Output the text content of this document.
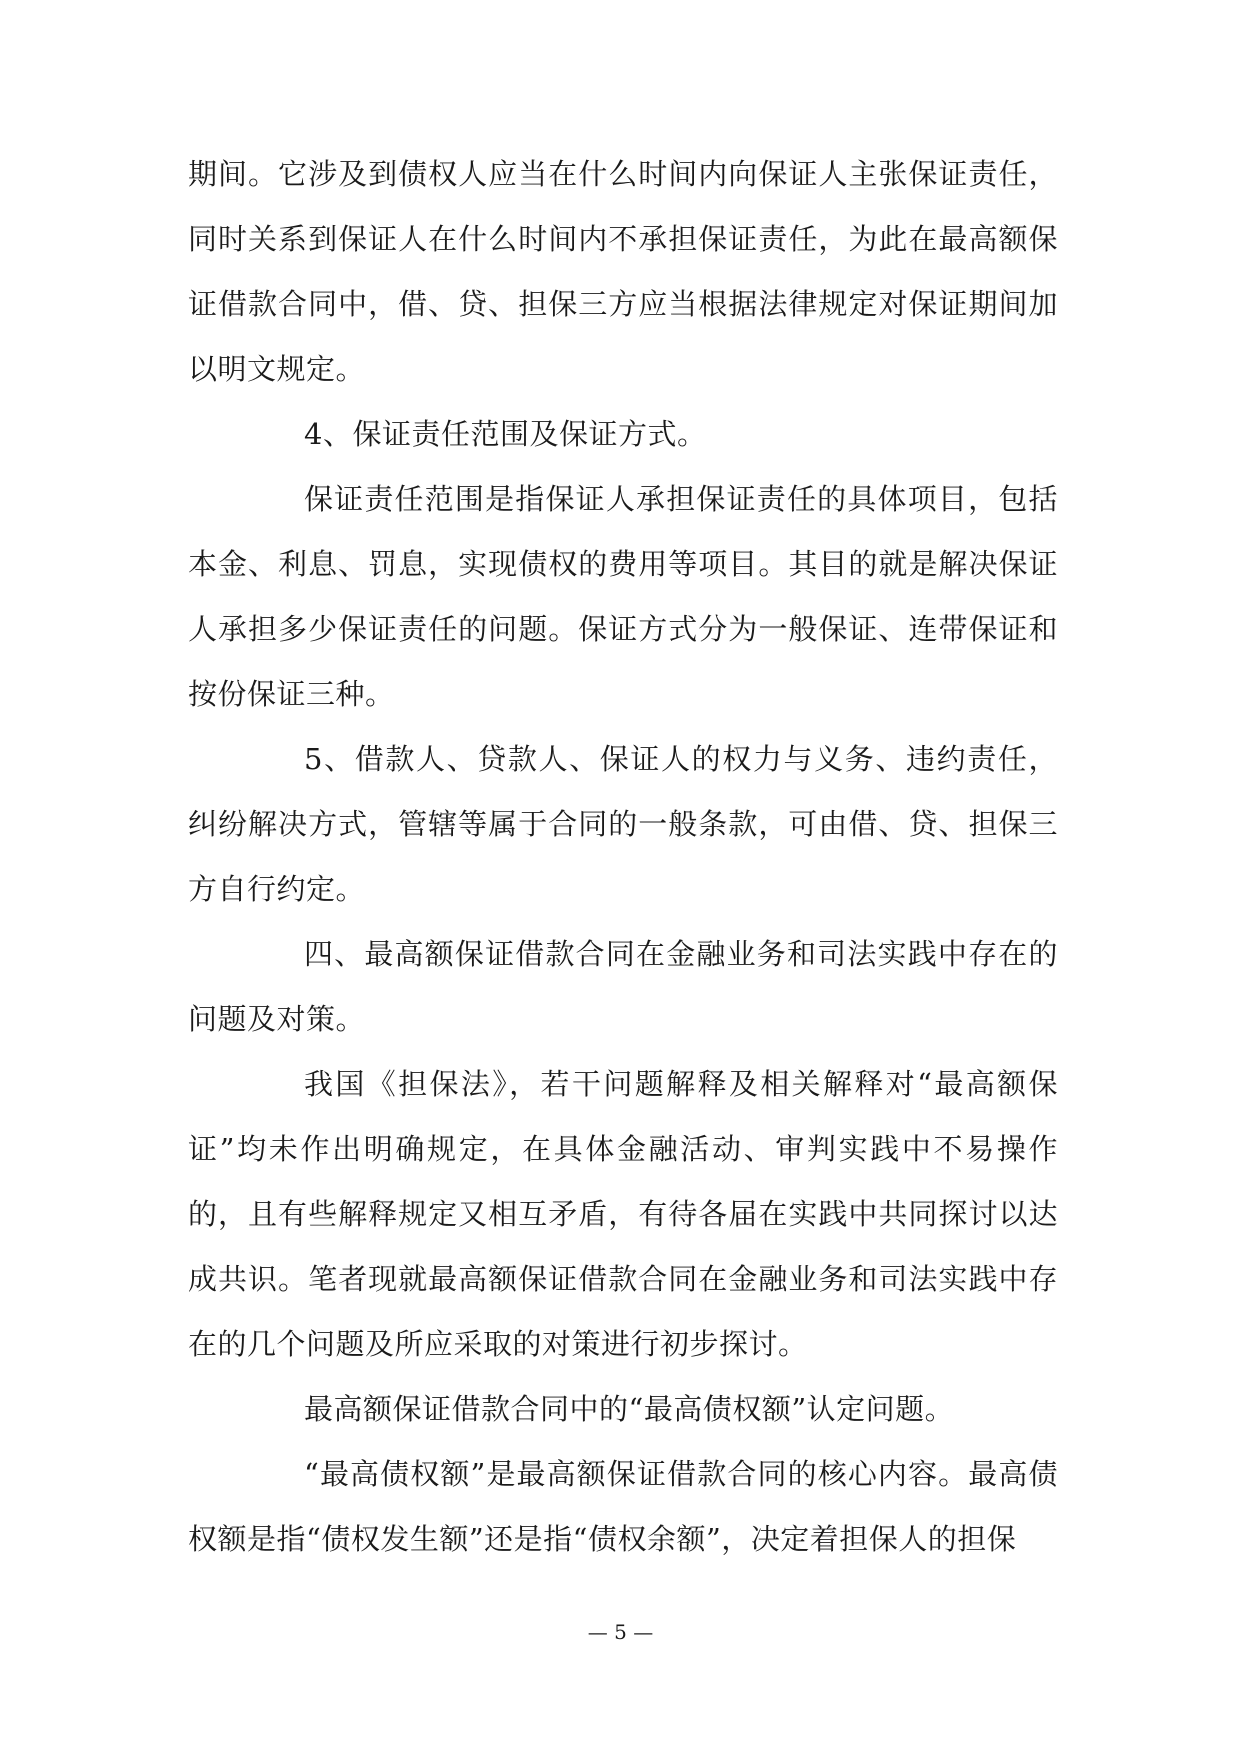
期间。它涉及到债权人应当在什么时间内向保证人主张保证责任，同时关系到保证人在什么时间内不承担保证责任，为此在最高额保证借款合同中，借、贷、担保三方应当根据法律规定对保证期间加以明文规定。

4、保证责任范围及保证方式。

保证责任范围是指保证人承担保证责任的具体项目，包括本金、利息、罚息，实现债权的费用等项目。其目的就是解决保证人承担多少保证责任的问题。保证方式分为一般保证、连带保证和按份保证三种。

5、借款人、贷款人、保证人的权力与义务、违约责任，纠纷解决方式，管辖等属于合同的一般条款，可由借、贷、担保三方自行约定。

四、最高额保证借款合同在金融业务和司法实践中存在的问题及对策。

我国《担保法》，若干问题解释及相关解释对“最高额保证”均未作出明确规定，在具体金融活动、审判实践中不易操作的，且有些解释规定又相互矛盾，有待各届在实践中共同探讨以达成共识。笔者现就最高额保证借款合同在金融业务和司法实践中存在的几个问题及所应采取的对策进行初步探讨。

最高额保证借款合同中的“最高债权额”认定问题。

“最高债权额”是最高额保证借款合同的核心内容。最高债权额是指“债权发生额”还是指“债权余额”，决定着担保人的担保

— 5 —
